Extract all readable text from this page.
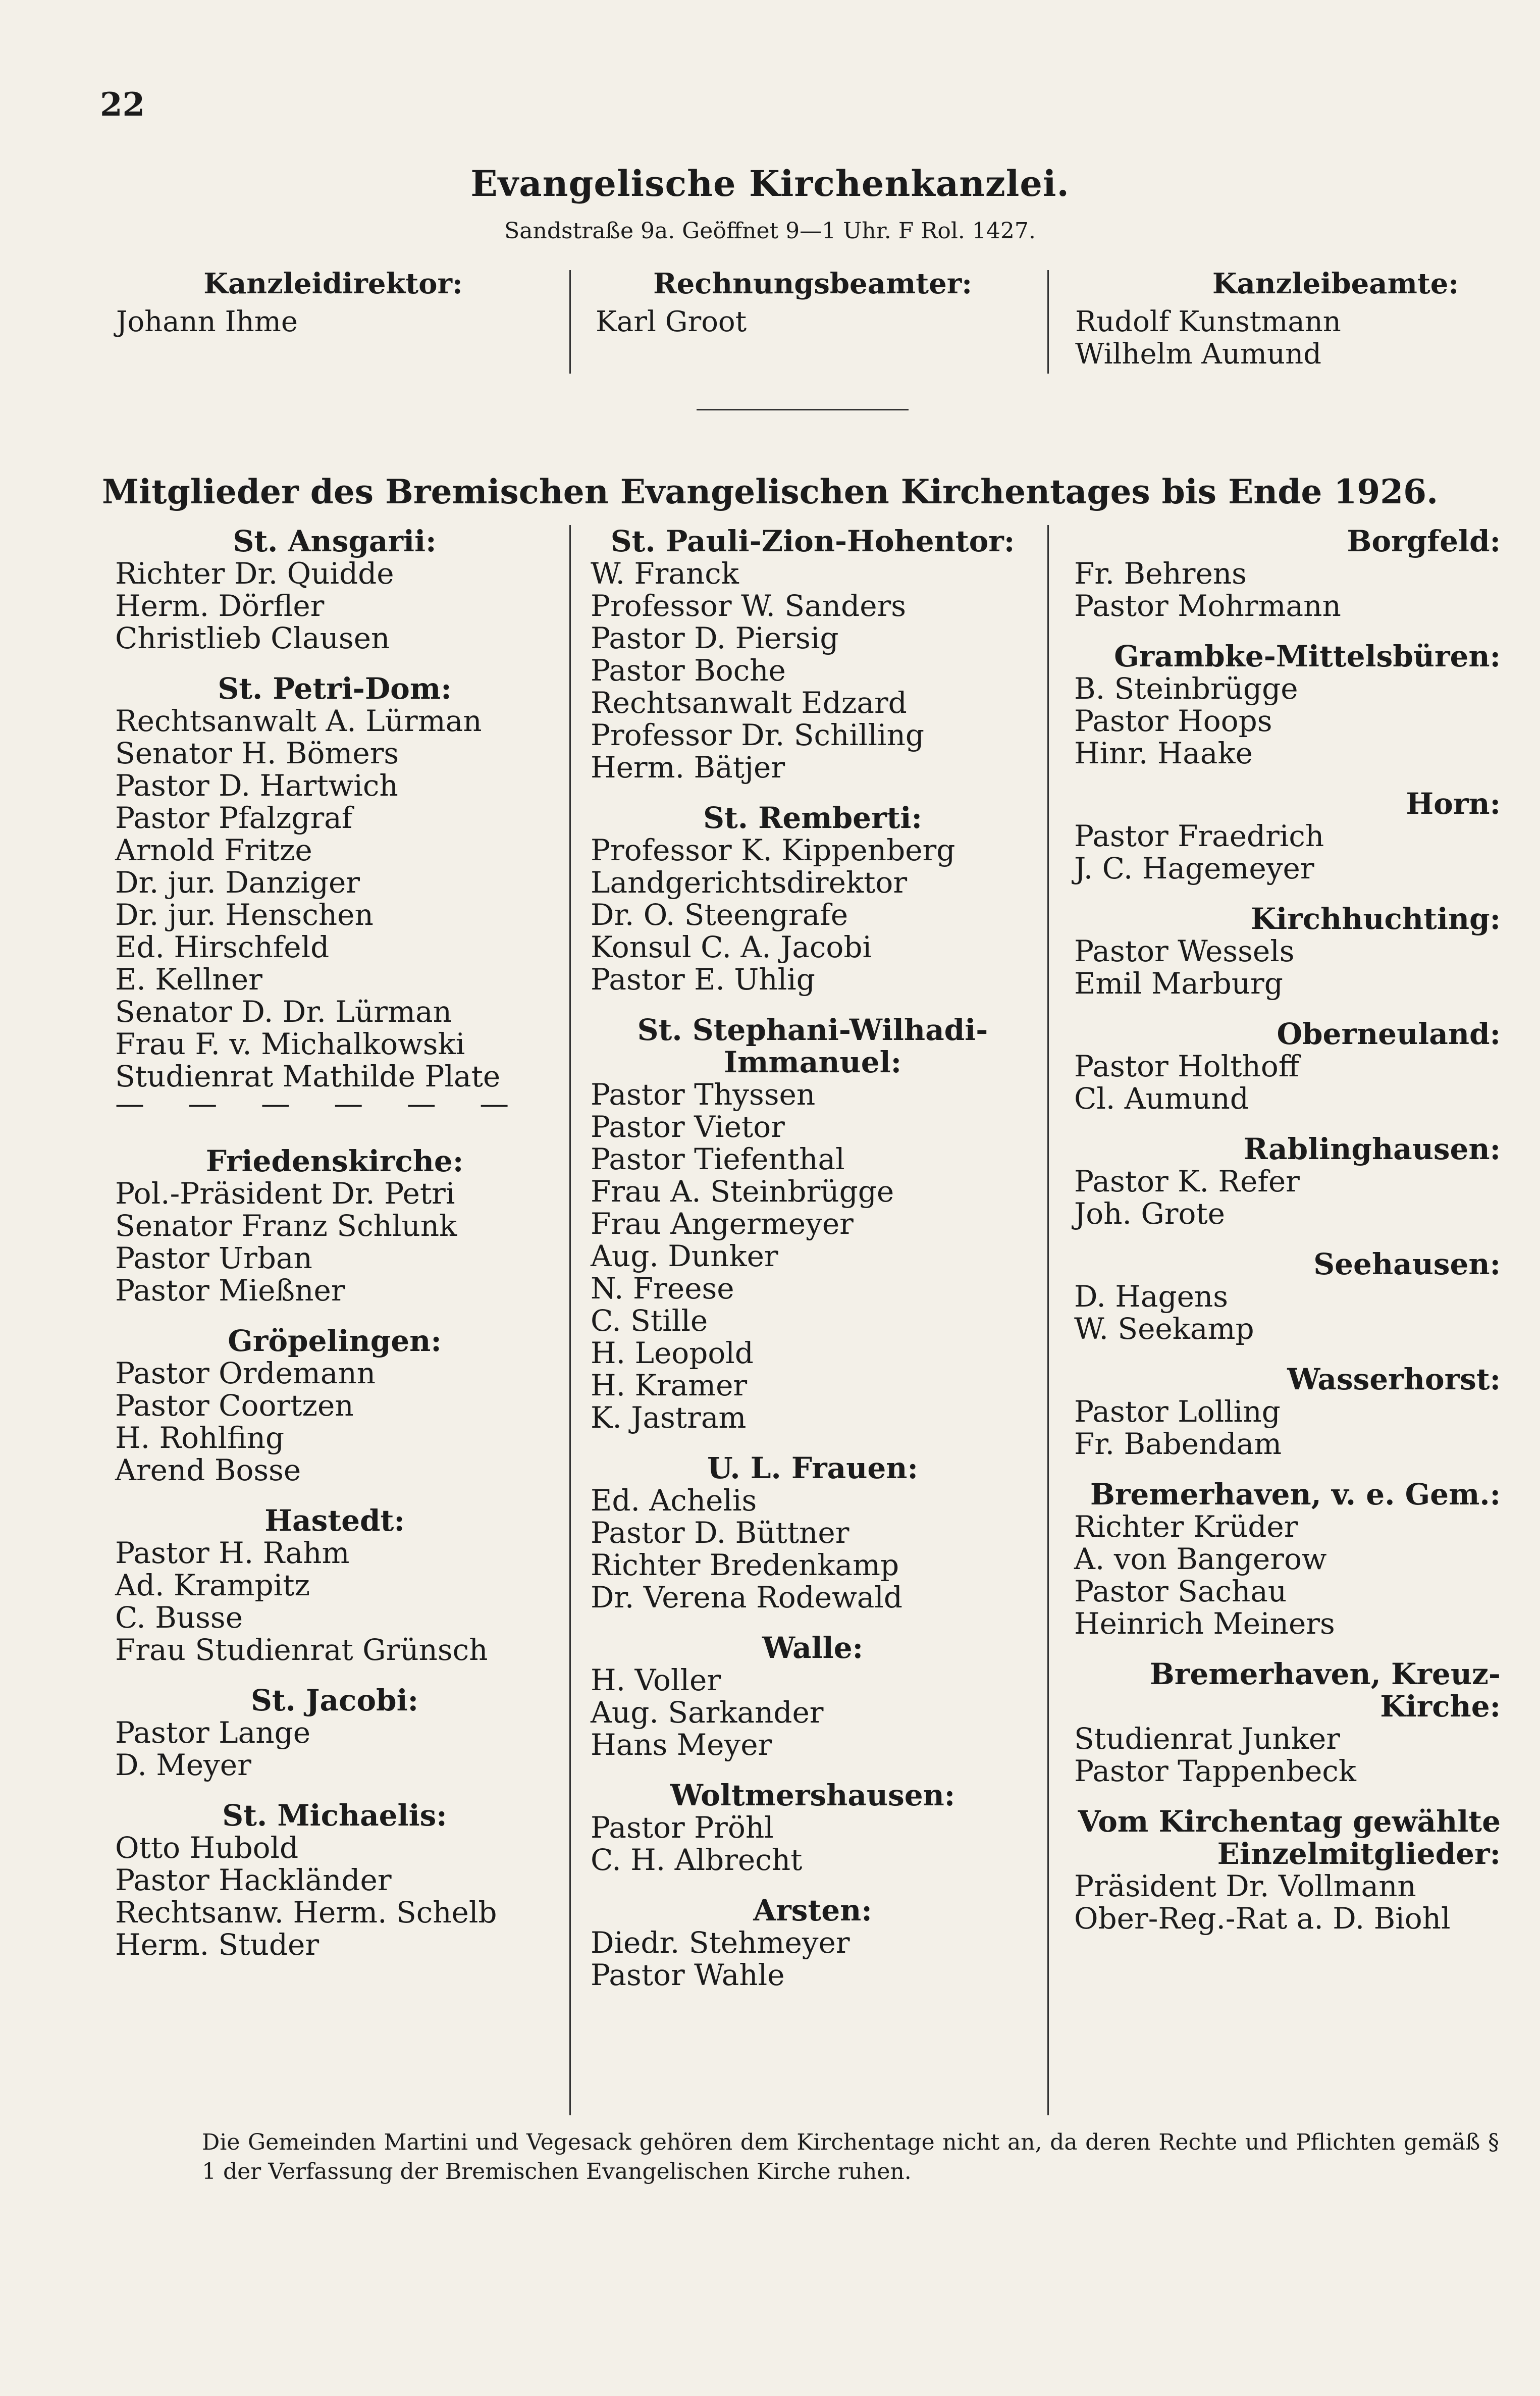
22
Evangelische Kirchenkanzlei.
Sandstraße 9a. Geöffnet 9—1 Uhr. F Rol. 1427.
Kanzleidirektor:
Johann Ihme
Rechnungsbeamter:
Karl Groot
Kanzleibeamte:
Rudolf Kunstmann
Wilhelm Aumund
Mitglieder des Bremischen Evangelischen Kirchentages bis Ende 1926.
St. Ansgarii:
Richter Dr. Quidde
Herm. Dörfler
Christlieb Clausen
St. Petri-Dom:
Rechtsanwalt A. Lürman
Senator H. Bömers
Pastor D. Hartwich
Pastor Pfalzgraf
Arnold Fritze
Dr. jur. Danziger
Dr. jur. Henschen
Ed. Hirschfeld
E. Kellner
Senator D. Dr. Lürman
Frau F. v. Michalkowski
Studienrat Mathilde Plate
— — — — — —
Friedenskirche:
Pol.-Präsident Dr. Petri
Senator Franz Schlunk
Pastor Urban
Pastor Mießner
Gröpelingen:
Pastor Ordemann
Pastor Coortzen
H. Rohlfing
Arend Bosse
Hastedt:
Pastor H. Rahm
Ad. Krampitz
C. Busse
Frau Studienrat Grünsch
St. Jacobi:
Pastor Lange
D. Meyer
St. Michaelis:
Otto Hubold
Pastor Hackländer
Rechtsanw. Herm. Schelb
Herm. Studer
St. Pauli-Zion-Hohentor:
W. Franck
Professor W. Sanders
Pastor D. Piersig
Pastor Boche
Rechtsanwalt Edzard
Professor Dr. Schilling
Herm. Bätjer
St. Remberti:
Professor K. Kippenberg
Landgerichtsdirektor
Dr. O. Steengrafe
Konsul C. A. Jacobi
Pastor E. Uhlig
St. Stephani-Wilhadi-Immanuel:
Pastor Thyssen
Pastor Vietor
Pastor Tiefenthal
Frau A. Steinbrügge
Frau Angermeyer
Aug. Dunker
N. Freese
C. Stille
H. Leopold
H. Kramer
K. Jastram
U. L. Frauen:
Ed. Achelis
Pastor D. Büttner
Richter Bredenkamp
Dr. Verena Rodewald
Walle:
H. Voller
Aug. Sarkander
Hans Meyer
Woltmershausen:
Pastor Pröhl
C. H. Albrecht
Arsten:
Diedr. Stehmeyer
Pastor Wahle
Borgfeld:
Fr. Behrens
Pastor Mohrmann
Grambke-Mittelsbüren:
B. Steinbrügge
Pastor Hoops
Hinr. Haake
Horn:
Pastor Fraedrich
J. C. Hagemeyer
Kirchhuchting:
Pastor Wessels
Emil Marburg
Oberneuland:
Pastor Holthoff
Cl. Aumund
Rablinghausen:
Pastor K. Refer
Joh. Grote
Seehausen:
D. Hagens
W. Seekamp
Wasserhorst:
Pastor Lolling
Fr. Babendam
Bremerhaven, v. e. Gem.:
Richter Krüder
A. von Bangerow
Pastor Sachau
Heinrich Meiners
Bremerhaven, Kreuz-Kirche:
Studienrat Junker
Pastor Tappenbeck
Vom Kirchentag gewählte Einzelmitglieder:
Präsident Dr. Vollmann
Ober-Reg.-Rat a. D. Biohl
Die Gemeinden Martini und Vegesack gehören dem Kirchentage nicht an, da deren Rechte und Pflichten gemäß § 1 der Verfassung der Bremischen Evangelischen Kirche ruhen.
